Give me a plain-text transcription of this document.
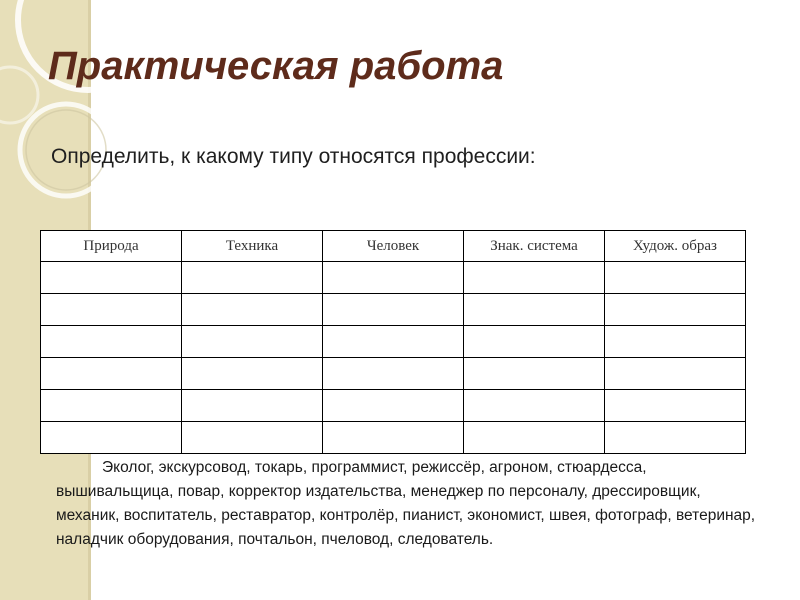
Практическая работа

Определить, к какому типу относятся профессии:

Природа	Техника	Человек	Знак. система	Худож. образ

Эколог, экскурсовод, токарь, программист, режиссёр, агроном, стюардесса, вышивальщица, повар, корректор издательства, менеджер по персоналу, дрессировщик, механик, воспитатель, реставратор, контролёр, пианист, экономист, швея, фотограф, ветеринар, наладчик оборудования, почтальон, пчеловод, следователь.
